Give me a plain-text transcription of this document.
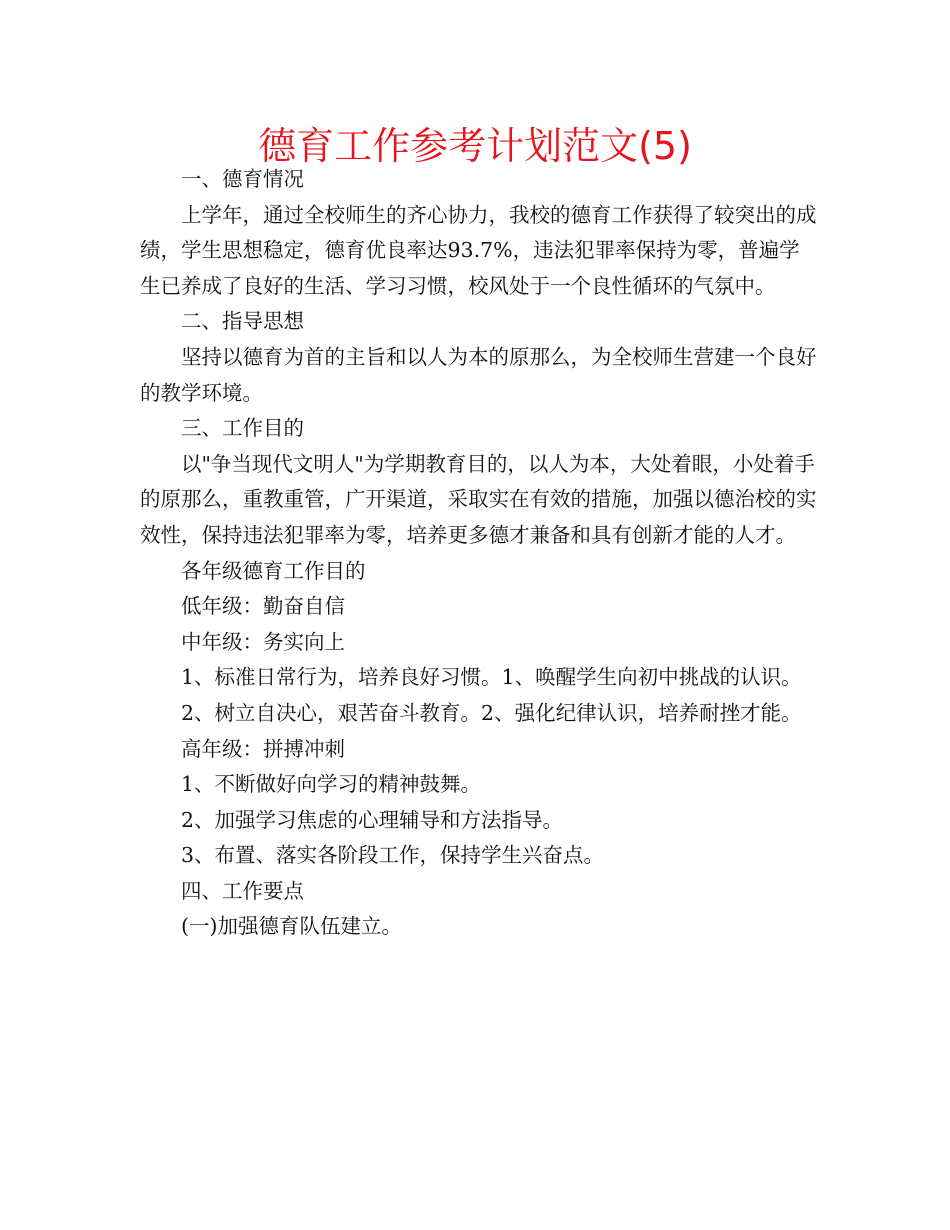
德育工作参考计划范文(5)

一、德育情况

上学年，通过全校师生的齐心协力，我校的德育工作获得了较突出的成绩，学生思想稳定，德育优良率达93.7%，违法犯罪率保持为零，普遍学生已养成了良好的生活、学习习惯，校风处于一个良性循环的气氛中。

二、指导思想

坚持以德育为首的主旨和以人为本的原那么，为全校师生营建一个良好的教学环境。

三、工作目的

以"争当现代文明人"为学期教育目的，以人为本，大处着眼，小处着手的原那么，重教重管，广开渠道，采取实在有效的措施，加强以德治校的实效性，保持违法犯罪率为零，培养更多德才兼备和具有创新才能的人才。

各年级德育工作目的

低年级：勤奋自信

中年级：务实向上

1、标准日常行为，培养良好习惯。1、唤醒学生向初中挑战的认识。

2、树立自决心，艰苦奋斗教育。2、强化纪律认识，培养耐挫才能。

高年级：拼搏冲刺

1、不断做好向学习的精神鼓舞。

2、加强学习焦虑的心理辅导和方法指导。

3、布置、落实各阶段工作，保持学生兴奋点。

四、工作要点

(一)加强德育队伍建立。
